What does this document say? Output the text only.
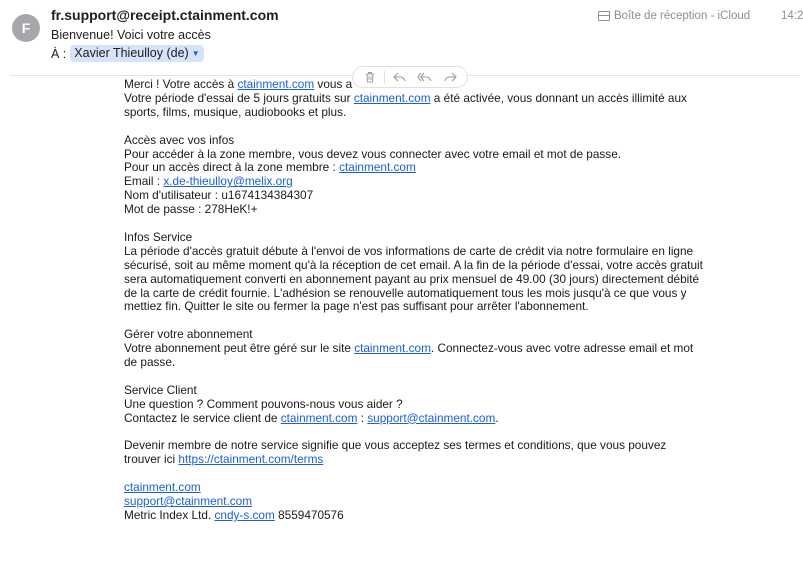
F
fr.support@receipt.ctainment.com
Bienvenue! Voici votre accès
À : Xavier Thieulloy (de) ▼
Boîte de réception - iCloud	14:2

Merci ! Votre accès à ctainment.com vous a
Votre période d'essai de 5 jours gratuits sur ctainment.com a été activée, vous donnant un accès illimité aux sports, films, musique, audiobooks et plus.

Accès avec vos infos
Pour accéder à la zone membre, vous devez vous connecter avec votre email et mot de passe.
Pour un accès direct à la zone membre : ctainment.com
Email : x.de-thieulloy@melix.org
Nom d'utilisateur : u1674134384307
Mot de passe : 278HeK!+

Infos Service
La période d'accès gratuit débute à l'envoi de vos informations de carte de crédit via notre formulaire en ligne sécurisé, soit au même moment qu'à la réception de cet email. A la fin de la période d'essai, votre accès gratuit sera automatiquement converti en abonnement payant au prix mensuel de 49.00 (30 jours) directement débité de la carte de crédit fournie. L'adhésion se renouvelle automatiquement tous les mois jusqu'à ce que vous y mettiez fin. Quitter le site ou fermer la page n'est pas suffisant pour arrêter l'abonnement.

Gérer votre abonnement
Votre abonnement peut être géré sur le site ctainment.com. Connectez-vous avec votre adresse email et mot de passe.

Service Client
Une question ? Comment pouvons-nous vous aider ?
Contactez le service client de ctainment.com : support@ctainment.com.

Devenir membre de notre service signifie que vous acceptez ses termes et conditions, que vous pouvez trouver ici https://ctainment.com/terms

ctainment.com
support@ctainment.com
Metric Index Ltd. cndy-s.com 8559470576
